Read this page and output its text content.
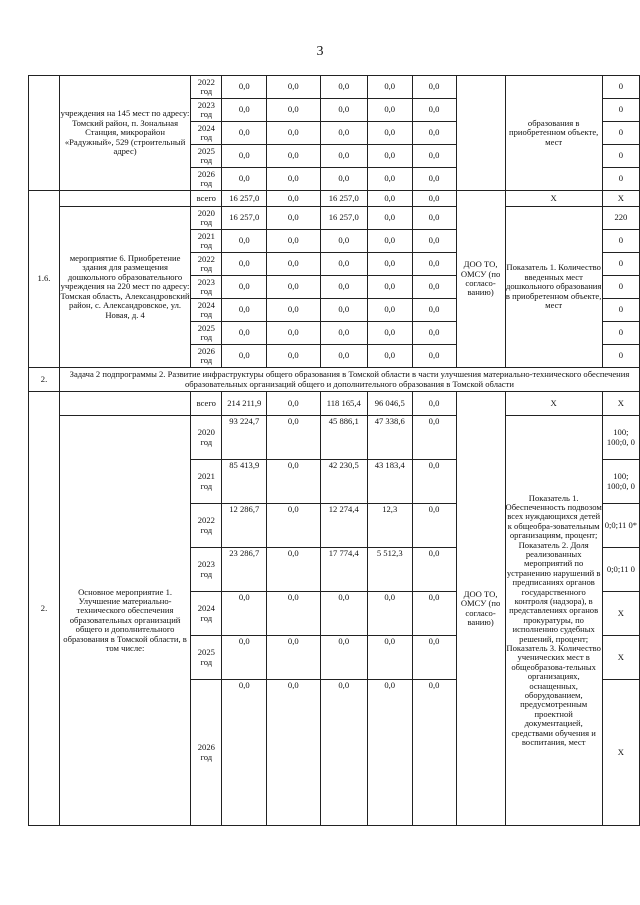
3
	учреждения на 145 мест по адресу: Томский район, п. Зональная Станция, микрорайон «Радужный», 529 (строительный адрес)	2022 год	0,0	0,0	0,0	0,0	0,0		образования в приобретенном объекте, мест	0
		2023 год	0,0	0,0	0,0	0,0	0,0			0
		2024 год	0,0	0,0	0,0	0,0	0,0			0
		2025 год	0,0	0,0	0,0	0,0	0,0			0
		2026 год	0,0	0,0	0,0	0,0	0,0			0
1.6.		всего	16 257,0	0,0	16 257,0	0,0	0,0	ДОО ТО, ОМСУ (по согласо-ванию)	X	X
	мероприятие 6. Приобретение здания для размещения дошкольного образовательного учреждения на 220 мест по адресу: Томская область, Александровский район, с. Александровское, ул. Новая, д. 4	2020 год	16 257,0	0,0	16 257,0	0,0	0,0		Показатель 1. Количество введенных мест дошкольного образования в приобретенном объекте, мест	220
		2021 год	0,0	0,0	0,0	0,0	0,0			0
		2022 год	0,0	0,0	0,0	0,0	0,0			0
		2023 год	0,0	0,0	0,0	0,0	0,0			0
		2024 год	0,0	0,0	0,0	0,0	0,0			0
		2025 год	0,0	0,0	0,0	0,0	0,0			0
		2026 год	0,0	0,0	0,0	0,0	0,0			0
2.	Задача 2 подпрограммы 2. Развитие инфраструктуры общего образования в Томской области в части улучшения материально-технического обеспечения образовательных организаций общего и дополнительного образования в Томской области									
2.		всего	214 211,9	0,0	118 165,4	96 046,5	0,0	ДОО ТО, ОМСУ (по согласо-ванию)	X	X
	Основное мероприятие 1. Улучшение материально-технического обеспечения образовательных организаций общего и дополнительного образования в Томской области, в том числе:	2020 год	93 224,7	0,0	45 886,1	47 338,6	0,0		Показатель 1. Обеспеченность подвозом всех нуждающихся детей к общеобра-зовательным организациям, процент; Показатель 2. Доля реализованных мероприятий по устранению нарушений в предписаниях органов государственного контроля (надзора), в представлениях органов прокуратуры, по исполнению судебных решений, процент; Показатель 3. Количество ученических мест в общеобразова-тельных организациях, оснащенных, оборудованием, предусмотренным проектной документацией, средствами обучения и воспитания, мест	100; 100;0, 0
		2021 год	85 413,9	0,0	42 230,5	43 183,4	0,0			100; 100;0, 0
		2022 год	12 286,7	0,0	12 274,4	12,3	0,0			0;0;11 0*
		2023 год	23 286,7	0,0	17 774,4	5 512,3	0,0			0;0;11 0
		2024 год	0,0	0,0	0,0	0,0	0,0			X
		2025 год	0,0	0,0	0,0	0,0	0,0			X
		2026 год	0,0	0,0	0,0	0,0	0,0			X
